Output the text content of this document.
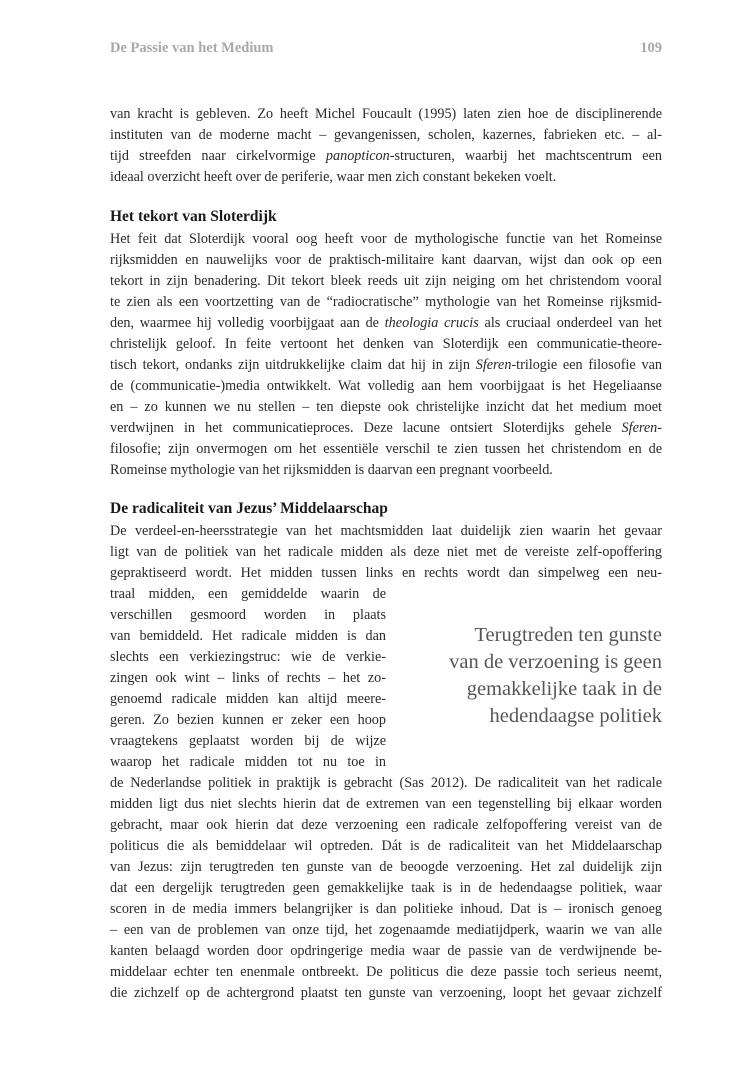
De Passie van het Medium	109
van kracht is gebleven. Zo heeft Michel Foucault (1995) laten zien hoe de disciplinerende
instituten van de moderne macht – gevangenissen, scholen, kazernes, fabrieken etc. – al-
tijd streefden naar cirkelvormige panopticon-structuren, waarbij het machtscentrum een
ideaal overzicht heeft over de periferie, waar men zich constant bekeken voelt.
Het tekort van Sloterdijk
Het feit dat Sloterdijk vooral oog heeft voor de mythologische functie van het Romeinse
rijksmidden en nauwelijks voor de praktisch-militaire kant daarvan, wijst dan ook op een
tekort in zijn benadering. Dit tekort bleek reeds uit zijn neiging om het christendom vooral
te zien als een voortzetting van de “radiocratische” mythologie van het Romeinse rijksmid-
den, waarmee hij volledig voorbijgaat aan de theologia crucis als cruciaal onderdeel van het
christelijk geloof. In feite vertoont het denken van Sloterdijk een communicatie-theore-
tisch tekort, ondanks zijn uitdrukkelijke claim dat hij in zijn Sferen-trilogie een filosofie van
de (communicatie-)media ontwikkelt. Wat volledig aan hem voorbijgaat is het Hegeliaanse
en – zo kunnen we nu stellen – ten diepste ook christelijke inzicht dat het medium moet
verdwijnen in het communicatieproces. Deze lacune ontsiert Sloterdijks gehele Sferen-
filosofie; zijn onvermogen om het essentiële verschil te zien tussen het christendom en de
Romeinse mythologie van het rijksmidden is daarvan een pregnant voorbeeld.
De radicaliteit van Jezus’ Middelaarschap
De verdeel-en-heersstrategie van het machtsmidden laat duidelijk zien waarin het gevaar
ligt van de politiek van het radicale midden als deze niet met de vereiste zelf-opoffering
gepraktiseerd wordt. Het midden tussen links en rechts wordt dan simpelweg een neu-
traal midden, een gemiddelde waarin de
verschillen gesmoord worden in plaats
van bemiddeld. Het radicale midden is dan
slechts een verkiezingstruc: wie de verkie-
zingen ook wint – links of rechts – het zo-
genoemd radicale midden kan altijd meere-
geren. Zo bezien kunnen er zeker een hoop
vraagtekens geplaatst worden bij de wijze
waarop het radicale midden tot nu toe in
Terugtreden ten gunste
van de verzoening is geen
gemakkelijke taak in de
hedendaagse politiek
de Nederlandse politiek in praktijk is gebracht (Sas 2012). De radicaliteit van het radicale
midden ligt dus niet slechts hierin dat de extremen van een tegenstelling bij elkaar worden
gebracht, maar ook hierin dat deze verzoening een radicale zelfopoffering vereist van de
politicus die als bemiddelaar wil optreden. Dát is de radicaliteit van het Middelaarschap
van Jezus: zijn terugtreden ten gunste van de beoogde verzoening. Het zal duidelijk zijn
dat een dergelijk terugtreden geen gemakkelijke taak is in de hedendaagse politiek, waar
scoren in de media immers belangrijker is dan politieke inhoud. Dat is – ironisch genoeg
– een van de problemen van onze tijd, het zogenaamde mediatijdperk, waarin we van alle
kanten belaagd worden door opdringerige media waar de passie van de verdwijnende be-
middelaar echter ten enenmale ontbreekt. De politicus die deze passie toch serieus neemt,
die zichzelf op de achtergrond plaatst ten gunste van verzoening, loopt het gevaar zichzelf
